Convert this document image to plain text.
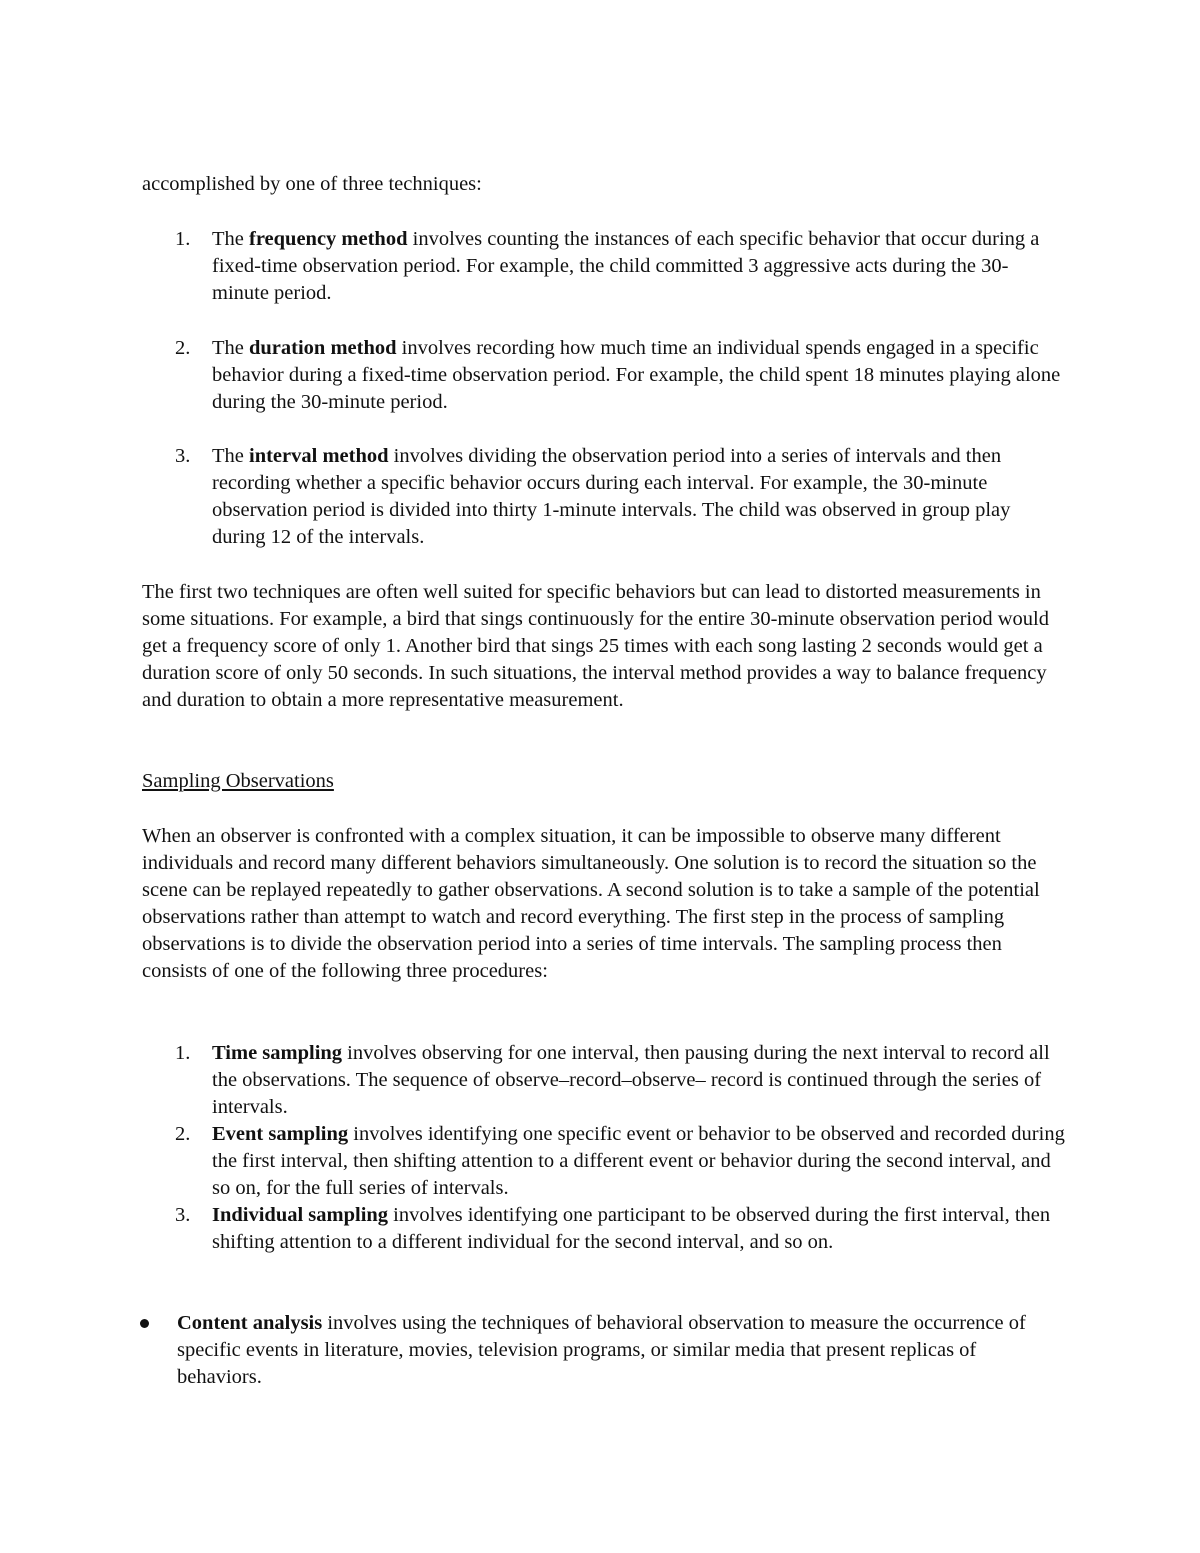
accomplished by one of three techniques:

1.	The frequency method involves counting the instances of each specific behavior that occur during a fixed-time observation period. For example, the child committed 3 aggressive acts during the 30-minute period.

2.	The duration method involves recording how much time an individual spends engaged in a specific behavior during a fixed-time observation period. For example, the child spent 18 minutes playing alone during the 30-minute period.

3.	The interval method involves dividing the observation period into a series of intervals and then recording whether a specific behavior occurs during each interval. For example, the 30-minute observation period is divided into thirty 1-minute intervals. The child was observed in group play during 12 of the intervals.

The first two techniques are often well suited for specific behaviors but can lead to distorted measurements in some situations. For example, a bird that sings continuously for the entire 30-minute observation period would get a frequency score of only 1. Another bird that sings 25 times with each song lasting 2 seconds would get a duration score of only 50 seconds. In such situations, the interval method provides a way to balance frequency and duration to obtain a more representative measurement.

Sampling Observations

When an observer is confronted with a complex situation, it can be impossible to observe many different individuals and record many different behaviors simultaneously. One solution is to record the situation so the scene can be replayed repeatedly to gather observations. A second solution is to take a sample of the potential observations rather than attempt to watch and record everything. The first step in the process of sampling observations is to divide the observation period into a series of time intervals. The sampling process then consists of one of the following three procedures:

1.	Time sampling involves observing for one interval, then pausing during the next interval to record all the observations. The sequence of observe–record–observe– record is continued through the series of intervals.

2.	Event sampling involves identifying one specific event or behavior to be observed and recorded during the first interval, then shifting attention to a different event or behavior during the second interval, and so on, for the full series of intervals.

3.	Individual sampling involves identifying one participant to be observed during the first interval, then shifting attention to a different individual for the second interval, and so on.

Content analysis involves using the techniques of behavioral observation to measure the occurrence of specific events in literature, movies, television programs, or similar media that present replicas of behaviors.
